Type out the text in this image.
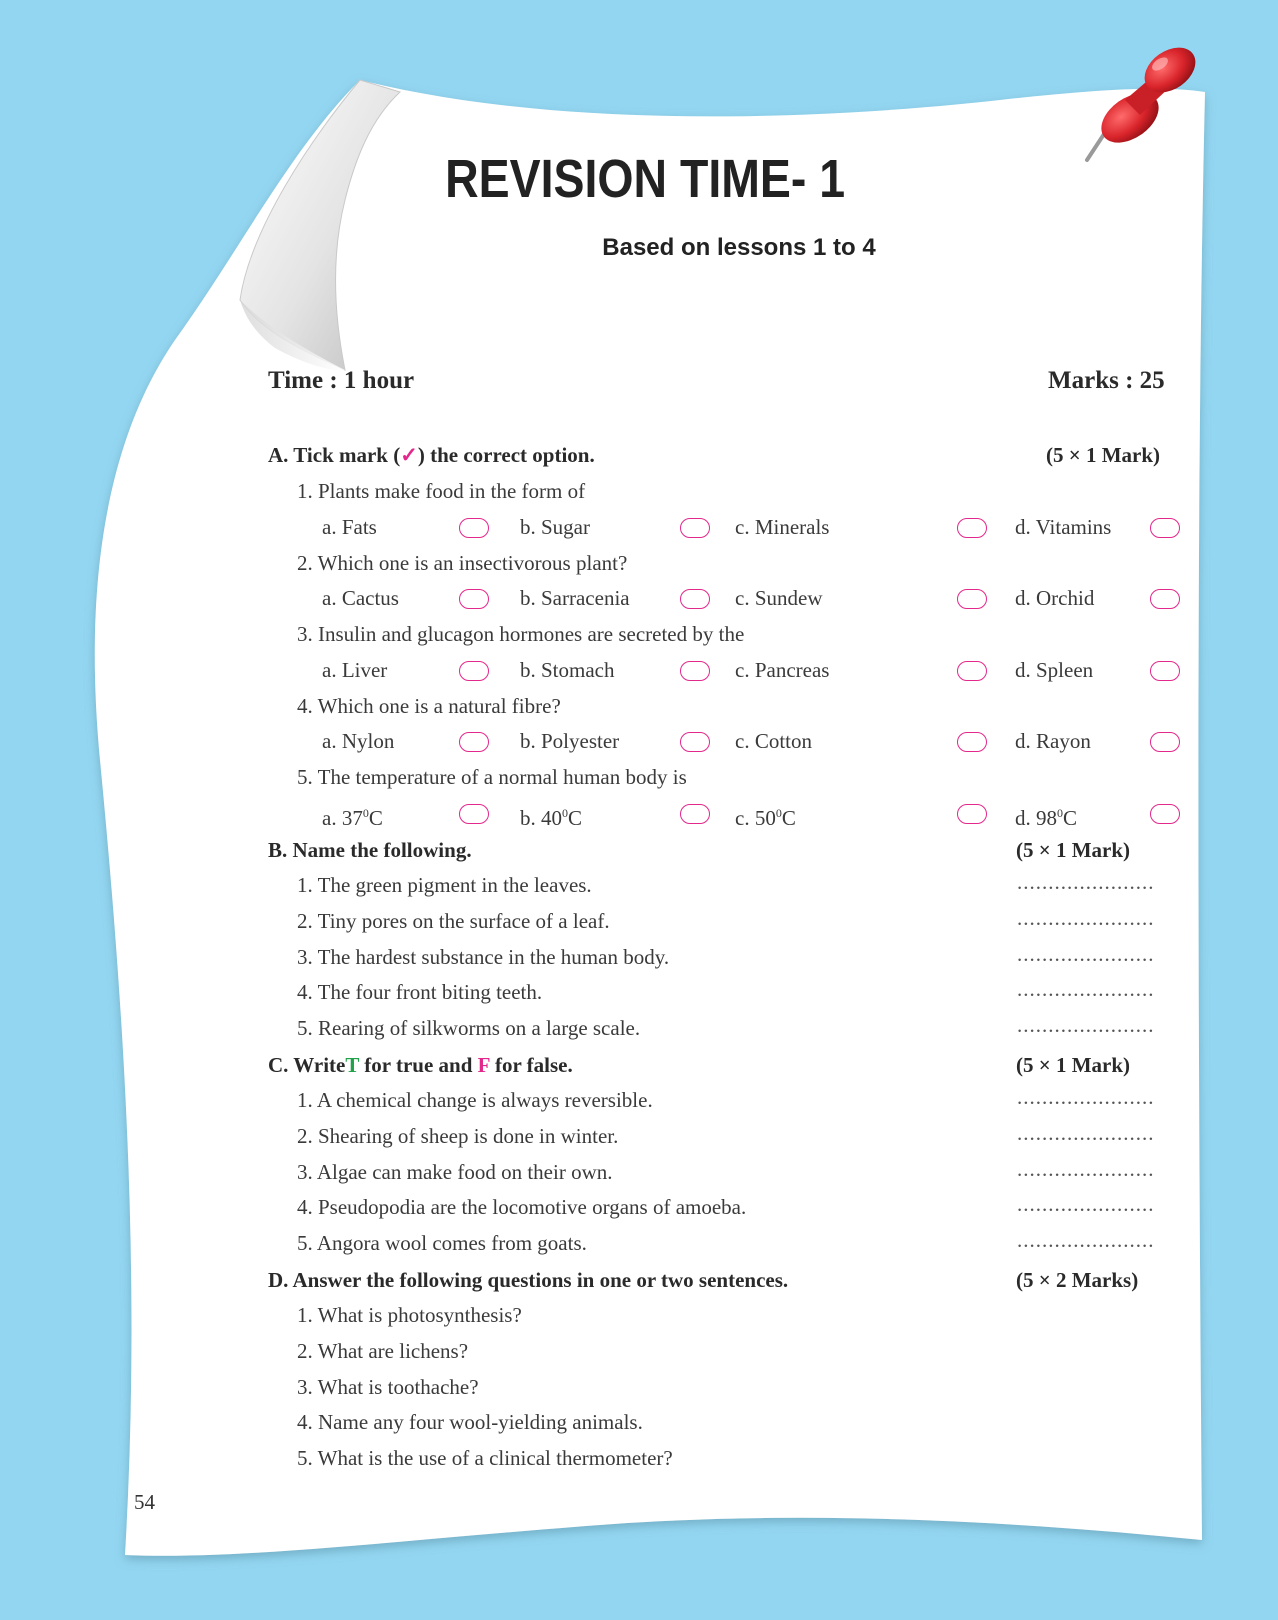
REVISION TIME- 1
Based on lessons 1 to 4
Time : 1 hour	Marks : 25
A. Tick mark (✓) the correct option.	(5 × 1 Mark)
1. Plants make food in the form of
a. Fats	b. Sugar	c. Minerals	d. Vitamins
2. Which one is an insectivorous plant?
a. Cactus	b. Sarracenia	c. Sundew	d. Orchid
3. Insulin and glucagon hormones are secreted by the
a. Liver	b. Stomach	c. Pancreas	d. Spleen
4. Which one is a natural fibre?
a. Nylon	b. Polyester	c. Cotton	d. Rayon
5. The temperature of a normal human body is
a. $37^0C$	b. $40^0C$	c. $50^0C$	d. $98^0C$
B. Name the following.	(5 × 1 Mark)
1. The green pigment in the leaves.	......................
2. Tiny pores on the surface of a leaf.	......................
3. The hardest substance in the human body.	......................
4. The four front biting teeth.	......................
5. Rearing of silkworms on a large scale.	......................
C. WriteT for true and F for false.	(5 × 1 Mark)
1. A chemical change is always reversible.	......................
2. Shearing of sheep is done in winter.	......................
3. Algae can make food on their own.	......................
4. Pseudopodia are the locomotive organs of amoeba.	......................
5. Angora wool comes from goats.	......................
D. Answer the following questions in one or two sentences.	(5 × 2 Marks)
1. What is photosynthesis?
2. What are lichens?
3. What is toothache?
4. Name any four wool-yielding animals.
5. What is the use of a clinical thermometer?
54
